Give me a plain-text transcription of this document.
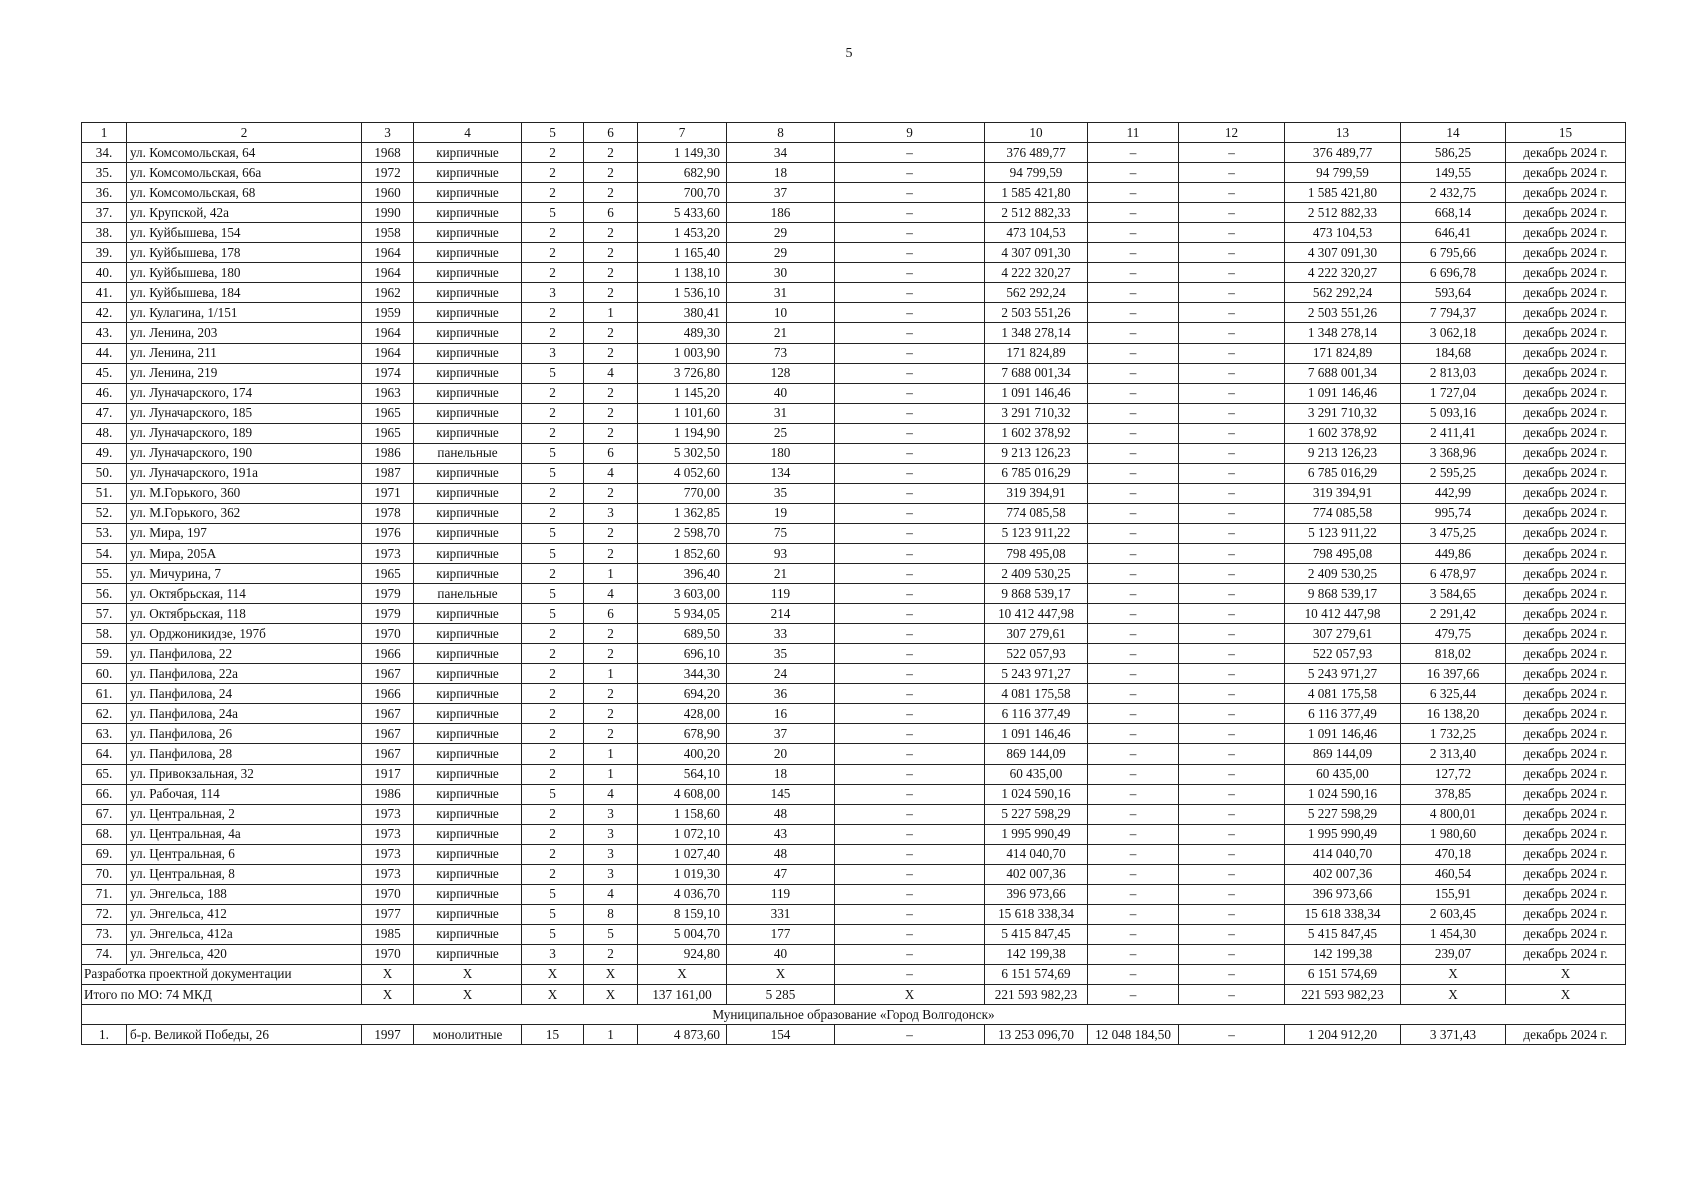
5
1	2	3	4	5	6	7	8	9	10	11	12	13	14	15
34.	ул. Комсомольская, 64	1968	кирпичные	2	2	1 149,30	34	–	376 489,77	–	–	376 489,77	586,25	декабрь 2024 г.
35.	ул. Комсомольская, 66а	1972	кирпичные	2	2	682,90	18	–	94 799,59	–	–	94 799,59	149,55	декабрь 2024 г.
36.	ул. Комсомольская, 68	1960	кирпичные	2	2	700,70	37	–	1 585 421,80	–	–	1 585 421,80	2 432,75	декабрь 2024 г.
37.	ул. Крупской, 42а	1990	кирпичные	5	6	5 433,60	186	–	2 512 882,33	–	–	2 512 882,33	668,14	декабрь 2024 г.
38.	ул. Куйбышева, 154	1958	кирпичные	2	2	1 453,20	29	–	473 104,53	–	–	473 104,53	646,41	декабрь 2024 г.
39.	ул. Куйбышева, 178	1964	кирпичные	2	2	1 165,40	29	–	4 307 091,30	–	–	4 307 091,30	6 795,66	декабрь 2024 г.
40.	ул. Куйбышева, 180	1964	кирпичные	2	2	1 138,10	30	–	4 222 320,27	–	–	4 222 320,27	6 696,78	декабрь 2024 г.
41.	ул. Куйбышева, 184	1962	кирпичные	3	2	1 536,10	31	–	562 292,24	–	–	562 292,24	593,64	декабрь 2024 г.
42.	ул. Кулагина, 1/151	1959	кирпичные	2	1	380,41	10	–	2 503 551,26	–	–	2 503 551,26	7 794,37	декабрь 2024 г.
43.	ул. Ленина, 203	1964	кирпичные	2	2	489,30	21	–	1 348 278,14	–	–	1 348 278,14	3 062,18	декабрь 2024 г.
44.	ул. Ленина, 211	1964	кирпичные	3	2	1 003,90	73	–	171 824,89	–	–	171 824,89	184,68	декабрь 2024 г.
45.	ул. Ленина, 219	1974	кирпичные	5	4	3 726,80	128	–	7 688 001,34	–	–	7 688 001,34	2 813,03	декабрь 2024 г.
46.	ул. Луначарского, 174	1963	кирпичные	2	2	1 145,20	40	–	1 091 146,46	–	–	1 091 146,46	1 727,04	декабрь 2024 г.
47.	ул. Луначарского, 185	1965	кирпичные	2	2	1 101,60	31	–	3 291 710,32	–	–	3 291 710,32	5 093,16	декабрь 2024 г.
48.	ул. Луначарского, 189	1965	кирпичные	2	2	1 194,90	25	–	1 602 378,92	–	–	1 602 378,92	2 411,41	декабрь 2024 г.
49.	ул. Луначарского, 190	1986	панельные	5	6	5 302,50	180	–	9 213 126,23	–	–	9 213 126,23	3 368,96	декабрь 2024 г.
50.	ул. Луначарского, 191а	1987	кирпичные	5	4	4 052,60	134	–	6 785 016,29	–	–	6 785 016,29	2 595,25	декабрь 2024 г.
51.	ул. М.Горького, 360	1971	кирпичные	2	2	770,00	35	–	319 394,91	–	–	319 394,91	442,99	декабрь 2024 г.
52.	ул. М.Горького, 362	1978	кирпичные	2	3	1 362,85	19	–	774 085,58	–	–	774 085,58	995,74	декабрь 2024 г.
53.	ул. Мира, 197	1976	кирпичные	5	2	2 598,70	75	–	5 123 911,22	–	–	5 123 911,22	3 475,25	декабрь 2024 г.
54.	ул. Мира, 205А	1973	кирпичные	5	2	1 852,60	93	–	798 495,08	–	–	798 495,08	449,86	декабрь 2024 г.
55.	ул. Мичурина, 7	1965	кирпичные	2	1	396,40	21	–	2 409 530,25	–	–	2 409 530,25	6 478,97	декабрь 2024 г.
56.	ул. Октябрьская, 114	1979	панельные	5	4	3 603,00	119	–	9 868 539,17	–	–	9 868 539,17	3 584,65	декабрь 2024 г.
57.	ул. Октябрьская, 118	1979	кирпичные	5	6	5 934,05	214	–	10 412 447,98	–	–	10 412 447,98	2 291,42	декабрь 2024 г.
58.	ул. Орджоникидзе, 197б	1970	кирпичные	2	2	689,50	33	–	307 279,61	–	–	307 279,61	479,75	декабрь 2024 г.
59.	ул. Панфилова, 22	1966	кирпичные	2	2	696,10	35	–	522 057,93	–	–	522 057,93	818,02	декабрь 2024 г.
60.	ул. Панфилова, 22а	1967	кирпичные	2	1	344,30	24	–	5 243 971,27	–	–	5 243 971,27	16 397,66	декабрь 2024 г.
61.	ул. Панфилова, 24	1966	кирпичные	2	2	694,20	36	–	4 081 175,58	–	–	4 081 175,58	6 325,44	декабрь 2024 г.
62.	ул. Панфилова, 24а	1967	кирпичные	2	2	428,00	16	–	6 116 377,49	–	–	6 116 377,49	16 138,20	декабрь 2024 г.
63.	ул. Панфилова, 26	1967	кирпичные	2	2	678,90	37	–	1 091 146,46	–	–	1 091 146,46	1 732,25	декабрь 2024 г.
64.	ул. Панфилова, 28	1967	кирпичные	2	1	400,20	20	–	869 144,09	–	–	869 144,09	2 313,40	декабрь 2024 г.
65.	ул. Привокзальная, 32	1917	кирпичные	2	1	564,10	18	–	60 435,00	–	–	60 435,00	127,72	декабрь 2024 г.
66.	ул. Рабочая, 114	1986	кирпичные	5	4	4 608,00	145	–	1 024 590,16	–	–	1 024 590,16	378,85	декабрь 2024 г.
67.	ул. Центральная, 2	1973	кирпичные	2	3	1 158,60	48	–	5 227 598,29	–	–	5 227 598,29	4 800,01	декабрь 2024 г.
68.	ул. Центральная, 4а	1973	кирпичные	2	3	1 072,10	43	–	1 995 990,49	–	–	1 995 990,49	1 980,60	декабрь 2024 г.
69.	ул. Центральная, 6	1973	кирпичные	2	3	1 027,40	48	–	414 040,70	–	–	414 040,70	470,18	декабрь 2024 г.
70.	ул. Центральная, 8	1973	кирпичные	2	3	1 019,30	47	–	402 007,36	–	–	402 007,36	460,54	декабрь 2024 г.
71.	ул. Энгельса, 188	1970	кирпичные	5	4	4 036,70	119	–	396 973,66	–	–	396 973,66	155,91	декабрь 2024 г.
72.	ул. Энгельса, 412	1977	кирпичные	5	8	8 159,10	331	–	15 618 338,34	–	–	15 618 338,34	2 603,45	декабрь 2024 г.
73.	ул. Энгельса, 412а	1985	кирпичные	5	5	5 004,70	177	–	5 415 847,45	–	–	5 415 847,45	1 454,30	декабрь 2024 г.
74.	ул. Энгельса, 420	1970	кирпичные	3	2	924,80	40	–	142 199,38	–	–	142 199,38	239,07	декабрь 2024 г.
Разработка проектной документации		X	X	X	X	X	X	–	6 151 574,69	–	–	6 151 574,69	X	X
Итого по МО: 74 МКД		X	X	X	X	137 161,00	5 285	X	221 593 982,23	–	–	221 593 982,23	X	X
Муниципальное образование «Город Волгодонск»														
1.	б-р. Великой Победы, 26	1997	монолитные	15	1	4 873,60	154	–	13 253 096,70	12 048 184,50	–	1 204 912,20	3 371,43	декабрь 2024 г.
